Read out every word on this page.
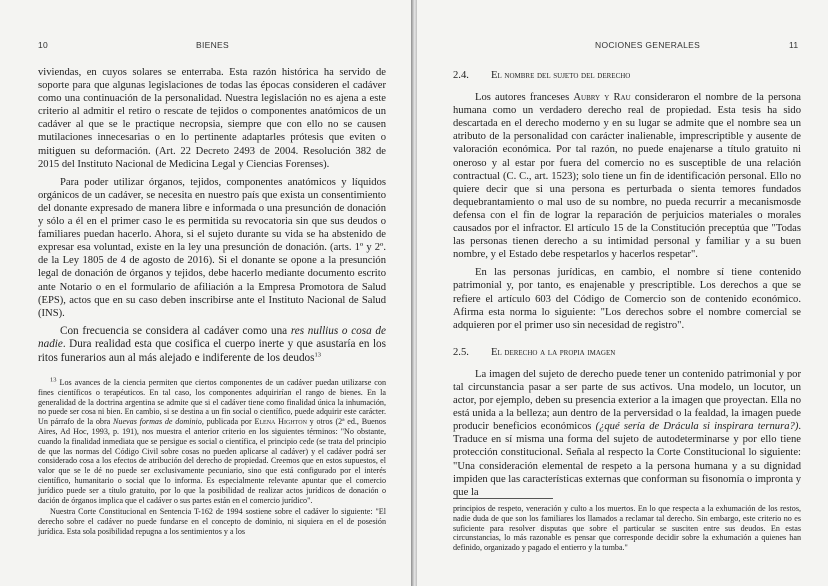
10	BIENES

viviendas, en cuyos solares se enterraba. Esta razón histórica ha servido de soporte para que algunas legislaciones de todas las épocas consideren el cadáver como una continuación de la personalidad. Nuestra legislación no es ajena a este criterio al admitir el retiro o rescate de tejidos o componentes anatómicos de un cadáver al que se le practique necropsia, siempre que con ello no se causen mutilaciones innecesarias o en lo pertinente adaptarles prótesis que eviten o mitiguen su deformación. (Art. 22 Decreto 2493 de 2004. Resolución 382 de 2015 del Instituto Nacional de Medicina Legal y Ciencias Forenses).

Para poder utilizar órganos, tejidos, componentes anatómicos y líquidos orgánicos de un cadáver, se necesita en nuestro país que exista un consentimiento del donante expresado de manera libre e informada o una presunción de donación y sólo a él en el primer caso le es permitida su revocatoria sin que sus deudos o familiares puedan hacerlo. Ahora, si el sujeto durante su vida se ha abstenido de expresar esa voluntad, existe en la ley una presunción de donación. (arts. 1º y 2º. de la Ley 1805 de 4 de agosto de 2016). Si el donante se opone a la presunción legal de donación de órganos y tejidos, debe hacerlo mediante documento escrito ante Notario o en el formulario de afiliación a la Empresa Promotora de Salud (EPS), actos que en su caso deben inscribirse ante el Instituto Nacional de Salud (INS).

Con frecuencia se considera al cadáver como una res nullius o cosa de nadie. Dura realidad esta que cosifica el cuerpo inerte y que asustaría en los ritos funerarios aun al más alejado e indiferente de los deudos$^{13}$

$^{13}$ Los avances de la ciencia permiten que ciertos componentes de un cadáver puedan utilizarse con fines científicos o terapéuticos. En tal caso, los componentes adquirirían el rango de bienes. En la generalidad de la doctrina argentina se admite que si el cadáver tiene como finalidad única la inhumación, no puede ser cosa ni bien. En cambio, si se destina a un fin social o científico, puede adquirir este carácter. Un párrafo de la obra Nuevas formas de dominio, publicada por Elena Highton y otros (2ª ed., Buenos Aires, Ad Hoc, 1993, p. 191), nos muestra el anterior criterio en los siguientes términos: "No obstante, cuando la finalidad inmediata que se persigue es social o científica, el principio cede (se trata del principio de que las normas del Código Civil sobre cosas no pueden aplicarse al cadáver) y el cadáver podrá ser considerado cosa a los efectos de atribución del derecho de propiedad. Creemos que en estos supuestos, el valor que se le dé no puede ser exclusivamente pecuniario, sino que está configurado por el interés científico, humanitario o social que lo informa. Es especialmente relevante apuntar que el comercio jurídico puede ser a título gratuito, por lo que la posibilidad de realizar actos jurídicos de donación o dación de órganos implica que el cadáver o sus partes están en el comercio jurídico".

Nuestra Corte Constitucional en Sentencia T-162 de 1994 sostiene sobre el cadáver lo siguiente: "El derecho sobre el cadáver no puede fundarse en el concepto de dominio, ni siquiera en el de posesión jurídica. Esta sola posibilidad repugna a los sentimientos y a los

NOCIONES GENERALES	11
2.4. El nombre del sujeto del derecho

Los autores franceses Aubry y Rau consideraron el nombre de la persona humana como un verdadero derecho real de propiedad. Esta tesis ha sido descartada en el derecho moderno y en su lugar se admite que el nombre sea un atributo de la personalidad con carácter inalienable, imprescriptible y ausente de valoración económica. Por tal razón, no puede enajenarse a título gratuito ni oneroso y al estar por fuera del comercio no es susceptible de una relación contractual (C. C., art. 1523); solo tiene un fin de identificación personal. Ello no quiere decir que si una persona es perturbada o sienta temores fundados dequebrantamiento o mal uso de su nombre, no pueda recurrir a mecanismosde defensa con el fin de lograr la reparación de perjuicios materiales o morales causados por el infractor. El artículo 15 de la Constitución preceptúa que "Todas las personas tienen derecho a su intimidad personal y familiar y a su buen nombre, y el Estado debe respetarlos y hacerlos respetar".

En las personas jurídicas, en cambio, el nombre sí tiene contenido patrimonial y, por tanto, es enajenable y prescriptible. Los derechos a que se refiere el artículo 603 del Código de Comercio son de contenido económico. Afirma esta norma lo siguiente: "Los derechos sobre el nombre comercial se adquieren por el primer uso sin necesidad de registro".

2.5. El derecho a la propia imagen

La imagen del sujeto de derecho puede tener un contenido patrimonial y por tal circunstancia pasar a ser parte de sus activos. Una modelo, un locutor, un actor, por ejemplo, deben su presencia exterior a la imagen que proyectan. Ella no está unida a la belleza; aun dentro de la perversidad o la fealdad, la imagen puede producir beneficios económicos (¿qué sería de Drácula si inspirara ternura?). Traduce en sí misma una forma del sujeto de autodeterminarse y por ello tiene protección constitucional. Señala al respecto la Corte Constitucional lo siguiente: "Una consideración elemental de respeto a la persona humana y a su dignidad impiden que las características externas que conforman su fisonomía o impronta y que la

principios de respeto, veneración y culto a los muertos. En lo que respecta a la exhumación de los restos, nadie duda de que son los familiares los llamados a reclamar tal derecho. Sin embargo, este criterio no es suficiente para resolver disputas que sobre el particular se susciten entre sus deudos. En estas circunstancias, lo más razonable es pensar que corresponde decidir sobre la exhumación a quienes han definido, organizado y pagado el entierro y la tumba."
